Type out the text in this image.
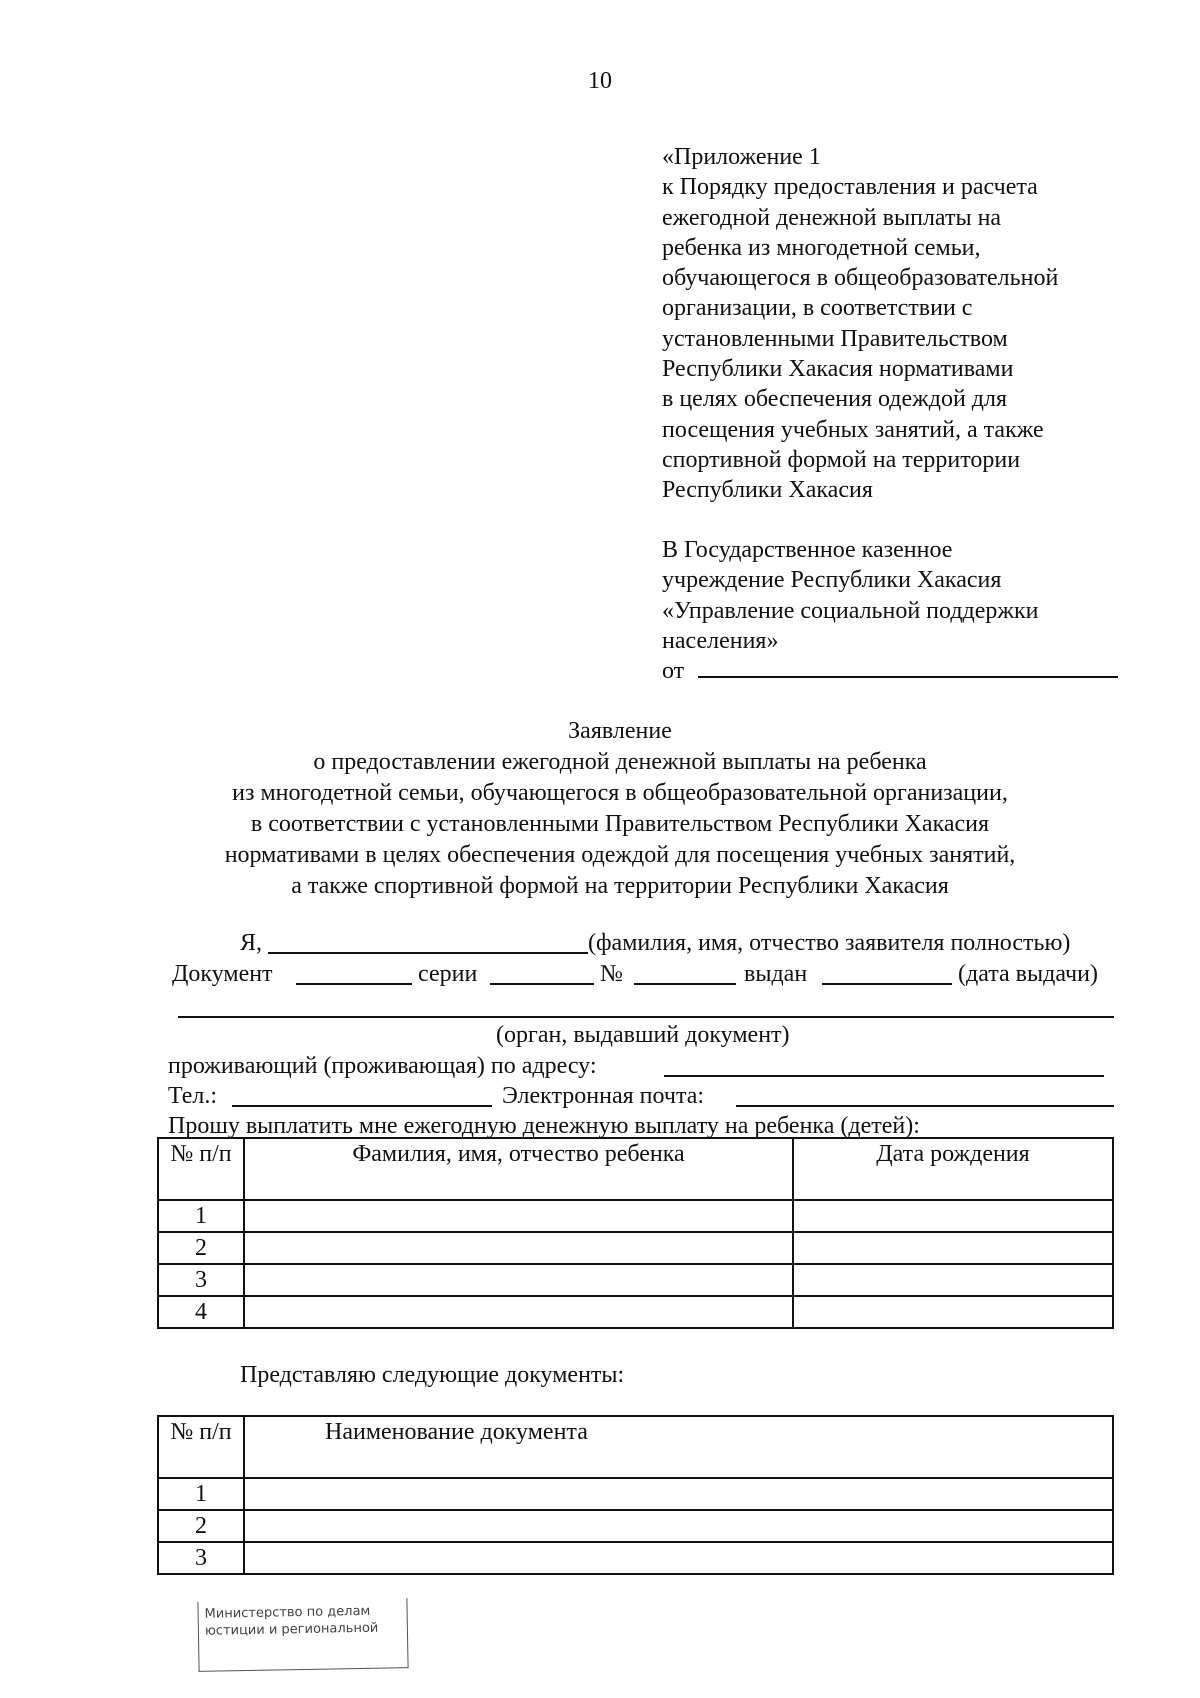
10
«Приложение 1
к Порядку предоставления и расчета
ежегодной денежной выплаты на
ребенка из многодетной семьи,
обучающегося в общеобразовательной
организации, в соответствии с
установленными Правительством
Республики Хакасия нормативами
в целях обеспечения одеждой для
посещения учебных занятий, а также
спортивной формой на территории
Республики Хакасия
В Государственное казенное
учреждение Республики Хакасия
«Управление социальной поддержки
населения»
от
Заявление
о предоставлении ежегодной денежной выплаты на ребенка
из многодетной семьи, обучающегося в общеобразовательной организации,
в соответствии с установленными Правительством Республики Хакасия
нормативами в целях обеспечения одеждой для посещения учебных занятий,
а также спортивной формой на территории Республики Хакасия
Я,	(фамилия, имя, отчество заявителя полностью)
Документ	серии	№	выдан	(дата выдачи)
(орган, выдавший документ)
проживающий (проживающая) по адресу:
Тел.:	Электронная почта:
Прошу выплатить мне ежегодную денежную выплату на ребенка (детей):
№ п/п	Фамилия, имя, отчество ребенка	Дата рождения
1		
2		
3		
4		
Представляю следующие документы:
№ п/п	Наименование документа
1	
2	
3	
Министерство по делам
юстиции и региональной
